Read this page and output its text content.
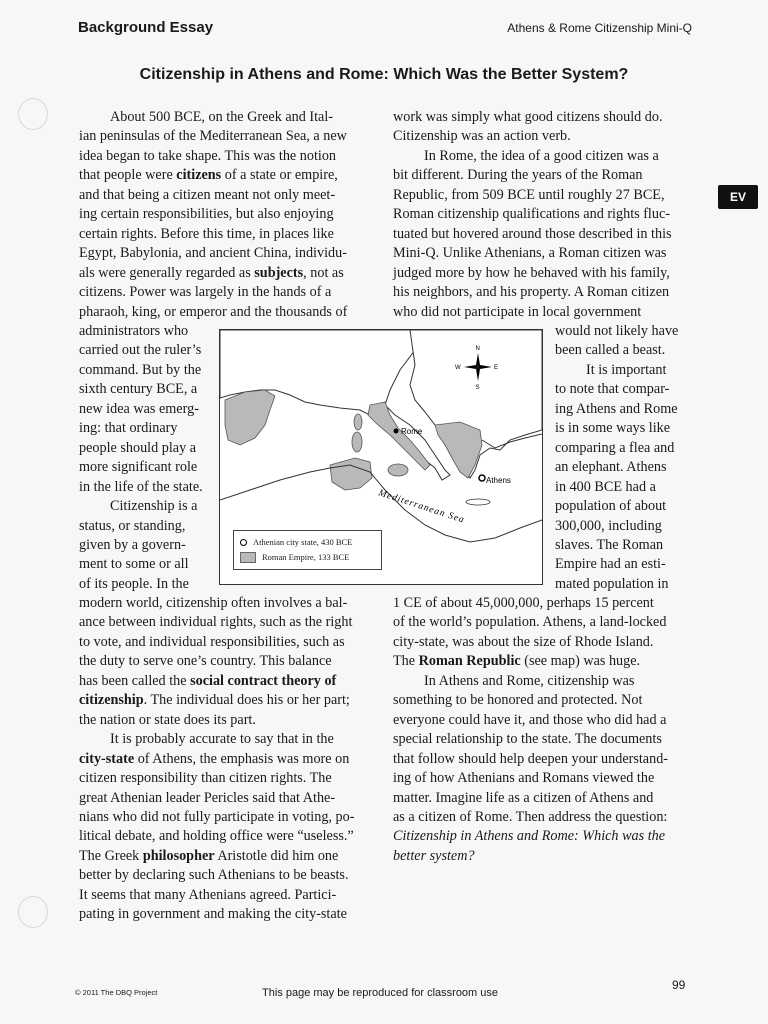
Background Essay	Athens & Rome Citizenship Mini-Q
Citizenship in Athens and Rome: Which Was the Better System?
EV
About 500 BCE, on the Greek and Ital-
ian peninsulas of the Mediterranean Sea, a new
idea began to take shape. This was the notion
that people were citizens of a state or empire,
and that being a citizen meant not only meet-
ing certain responsibilities, but also enjoying
certain rights. Before this time, in places like
Egypt, Babylonia, and ancient China, individu-
als were generally regarded as subjects, not as
citizens. Power was largely in the hands of a
pharaoh, king, or emperor and the thousands of
administrators who
carried out the ruler’s
command. But by the
sixth century BCE, a
new idea was emerg-
ing: that ordinary
people should play a
more significant role
in the life of the state.
Citizenship is a
status, or standing,
given by a govern-
ment to some or all
of its people. In the
modern world, citizenship often involves a bal-
ance between individual rights, such as the right
to vote, and individual responsibilities, such as
the duty to serve one’s country. This balance
has been called the social contract theory of
citizenship. The individual does his or her part;
the nation or state does its part.
It is probably accurate to say that in the
city-state of Athens, the emphasis was more on
citizen responsibility than citizen rights. The
great Athenian leader Pericles said that Athe-
nians who did not fully participate in voting, po-
litical debate, and holding office were “useless.”
The Greek philosopher Aristotle did him one
better by declaring such Athenians to be beasts.
It seems that many Athenians agreed. Partici-
pating in government and making the city-state
work was simply what good citizens should do.
Citizenship was an action verb.
In Rome, the idea of a good citizen was a
bit different. During the years of the Roman
Republic, from 509 BCE until roughly 27 BCE,
Roman citizenship qualifications and rights fluc-
tuated but hovered around those described in this
Mini-Q. Unlike Athenians, a Roman citizen was
judged more by how he behaved with his family,
his neighbors, and his property. A Roman citizen
who did not participate in local government
would not likely have
been called a beast.
It is important
to note that compar-
ing Athens and Rome
is in some ways like
comparing a flea and
an elephant. Athens
in 400 BCE had a
population of about
300,000, including
slaves. The Roman
Empire had an esti-
mated population in
1 CE of about 45,000,000, perhaps 15 percent
of the world’s population. Athens, a land-locked
city-state, was about the size of Rhode Island.
The Roman Republic (see map) was huge.
In Athens and Rome, citizenship was
something to be honored and protected. Not
everyone could have it, and those who did had a
special relationship to the state. The documents
that follow should help deepen your understand-
ing of how Athenians and Romans viewed the
matter. Imagine life as a citizen of Athens and
as a citizen of Rome. Then address the question:
Citizenship in Athens and Rome: Which was the
better system?
Rome
Athens
Mediterranean Sea
N
S
E
W
Athenian city state, 430 BCE
Roman Empire, 133 BCE
© 2011 The DBQ Project	This page may be reproduced for classroom use
99
